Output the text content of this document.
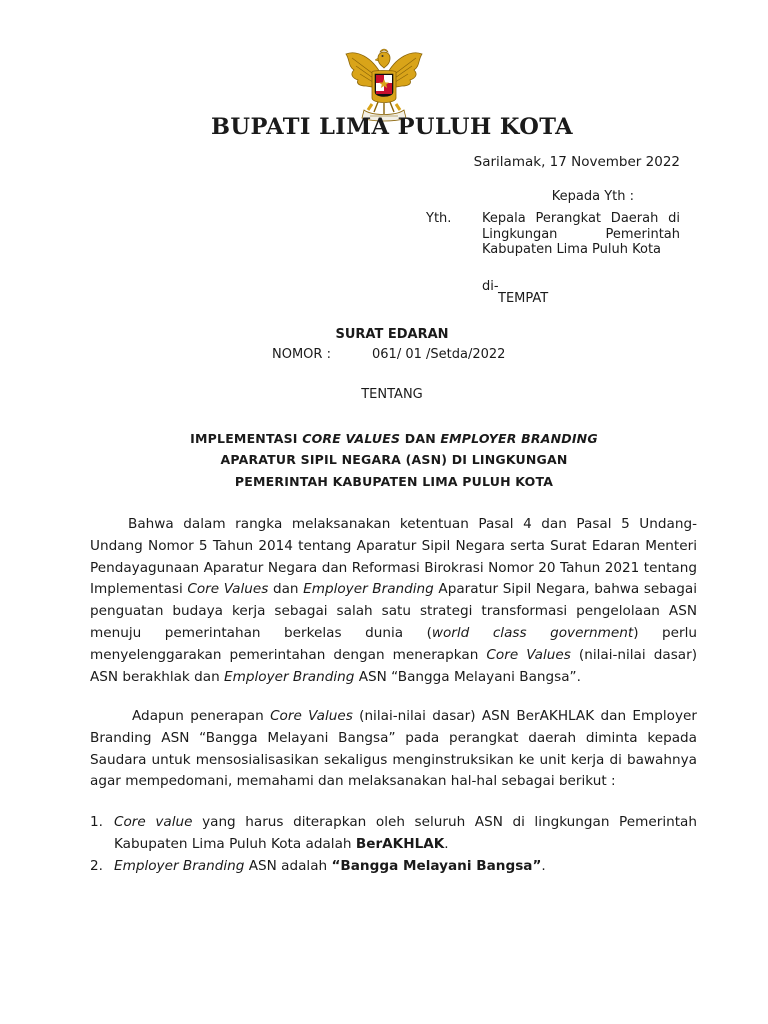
BUPATI LIMA PULUH KOTA

Sarilamak, 17 November 2022

Kepada Yth :

Yth. Kepala Perangkat Daerah di Lingkungan Pemerintah Kabupaten Lima Puluh Kota

di-

TEMPAT

SURAT EDARAN

NOMOR :	061/ 01 /Setda/2022

TENTANG

IMPLEMENTASI CORE VALUES DAN EMPLOYER BRANDING

APARATUR SIPIL NEGARA (ASN) DI LINGKUNGAN

PEMERINTAH KABUPATEN LIMA PULUH KOTA

Bahwa dalam rangka melaksanakan ketentuan Pasal 4 dan Pasal 5 Undang-Undang Nomor 5 Tahun 2014 tentang Aparatur Sipil Negara serta Surat Edaran Menteri Pendayagunaan Aparatur Negara dan Reformasi Birokrasi Nomor 20 Tahun 2021 tentang Implementasi Core Values dan Employer Branding Aparatur Sipil Negara, bahwa sebagai penguatan budaya kerja sebagai salah satu strategi transformasi pengelolaan ASN menuju pemerintahan berkelas dunia (world class government) perlu menyelenggarakan pemerintahan dengan menerapkan Core Values (nilai-nilai dasar) ASN berakhlak dan Employer Branding ASN “Bangga Melayani Bangsa”.

Adapun penerapan Core Values (nilai-nilai dasar) ASN BerAKHLAK dan Employer Branding ASN “Bangga Melayani Bangsa” pada perangkat daerah diminta kepada Saudara untuk mensosialisasikan sekaligus menginstruksikan ke unit kerja di bawahnya agar mempedomani, memahami dan melaksanakan hal-hal sebagai berikut :

1. Core value yang harus diterapkan oleh seluruh ASN di lingkungan Pemerintah Kabupaten Lima Puluh Kota adalah BerAKHLAK.
2. Employer Branding ASN adalah “Bangga Melayani Bangsa”.
